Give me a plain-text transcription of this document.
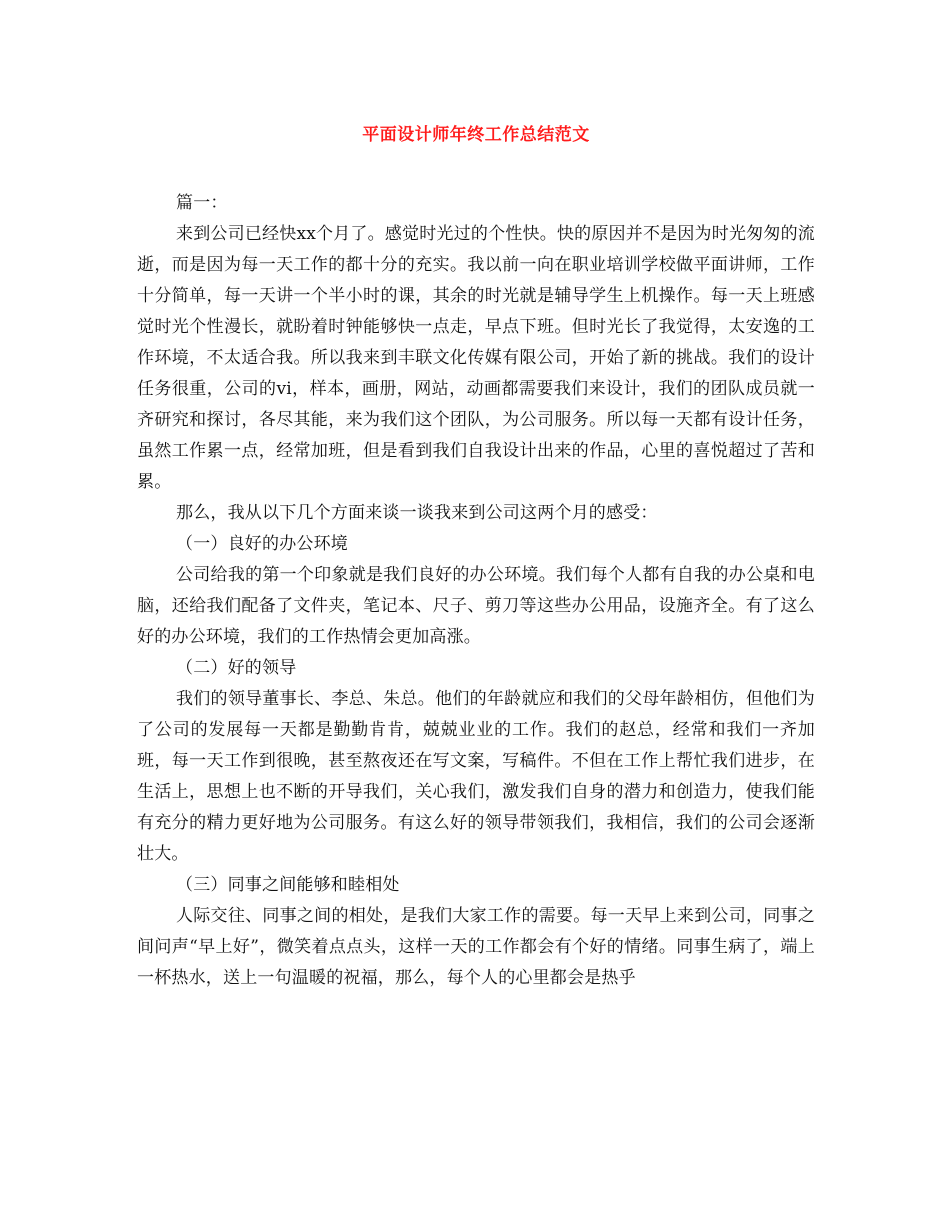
平面设计师年终工作总结范文

篇一：

来到公司已经快xx个月了。感觉时光过的个性快。快的原因并不是因为时光匆匆的流逝，而是因为每一天工作的都十分的充实。我以前一向在职业培训学校做平面讲师，工作十分简单，每一天讲一个半小时的课，其余的时光就是辅导学生上机操作。每一天上班感觉时光个性漫长，就盼着时钟能够快一点走，早点下班。但时光长了我觉得，太安逸的工作环境，不太适合我。所以我来到丰联文化传媒有限公司，开始了新的挑战。我们的设计任务很重，公司的vi，样本，画册，网站，动画都需要我们来设计，我们的团队成员就一齐研究和探讨，各尽其能，来为我们这个团队，为公司服务。所以每一天都有设计任务，虽然工作累一点，经常加班，但是看到我们自我设计出来的作品，心里的喜悦超过了苦和累。

那么，我从以下几个方面来谈一谈我来到公司这两个月的感受：

（一）良好的办公环境

公司给我的第一个印象就是我们良好的办公环境。我们每个人都有自我的办公桌和电脑，还给我们配备了文件夹，笔记本、尺子、剪刀等这些办公用品，设施齐全。有了这么好的办公环境，我们的工作热情会更加高涨。

（二）好的领导

我们的领导董事长、李总、朱总。他们的年龄就应和我们的父母年龄相仿，但他们为了公司的发展每一天都是勤勤肯肯，兢兢业业的工作。我们的赵总，经常和我们一齐加班，每一天工作到很晚，甚至熬夜还在写文案，写稿件。不但在工作上帮忙我们进步，在生活上，思想上也不断的开导我们，关心我们，激发我们自身的潜力和创造力，使我们能有充分的精力更好地为公司服务。有这么好的领导带领我们，我相信，我们的公司会逐渐壮大。

（三）同事之间能够和睦相处

人际交往、同事之间的相处，是我们大家工作的需要。每一天早上来到公司，同事之间问声“早上好”，微笑着点点头，这样一天的工作都会有个好的情绪。同事生病了，端上一杯热水，送上一句温暖的祝福，那么，每个人的心里都会是热乎
